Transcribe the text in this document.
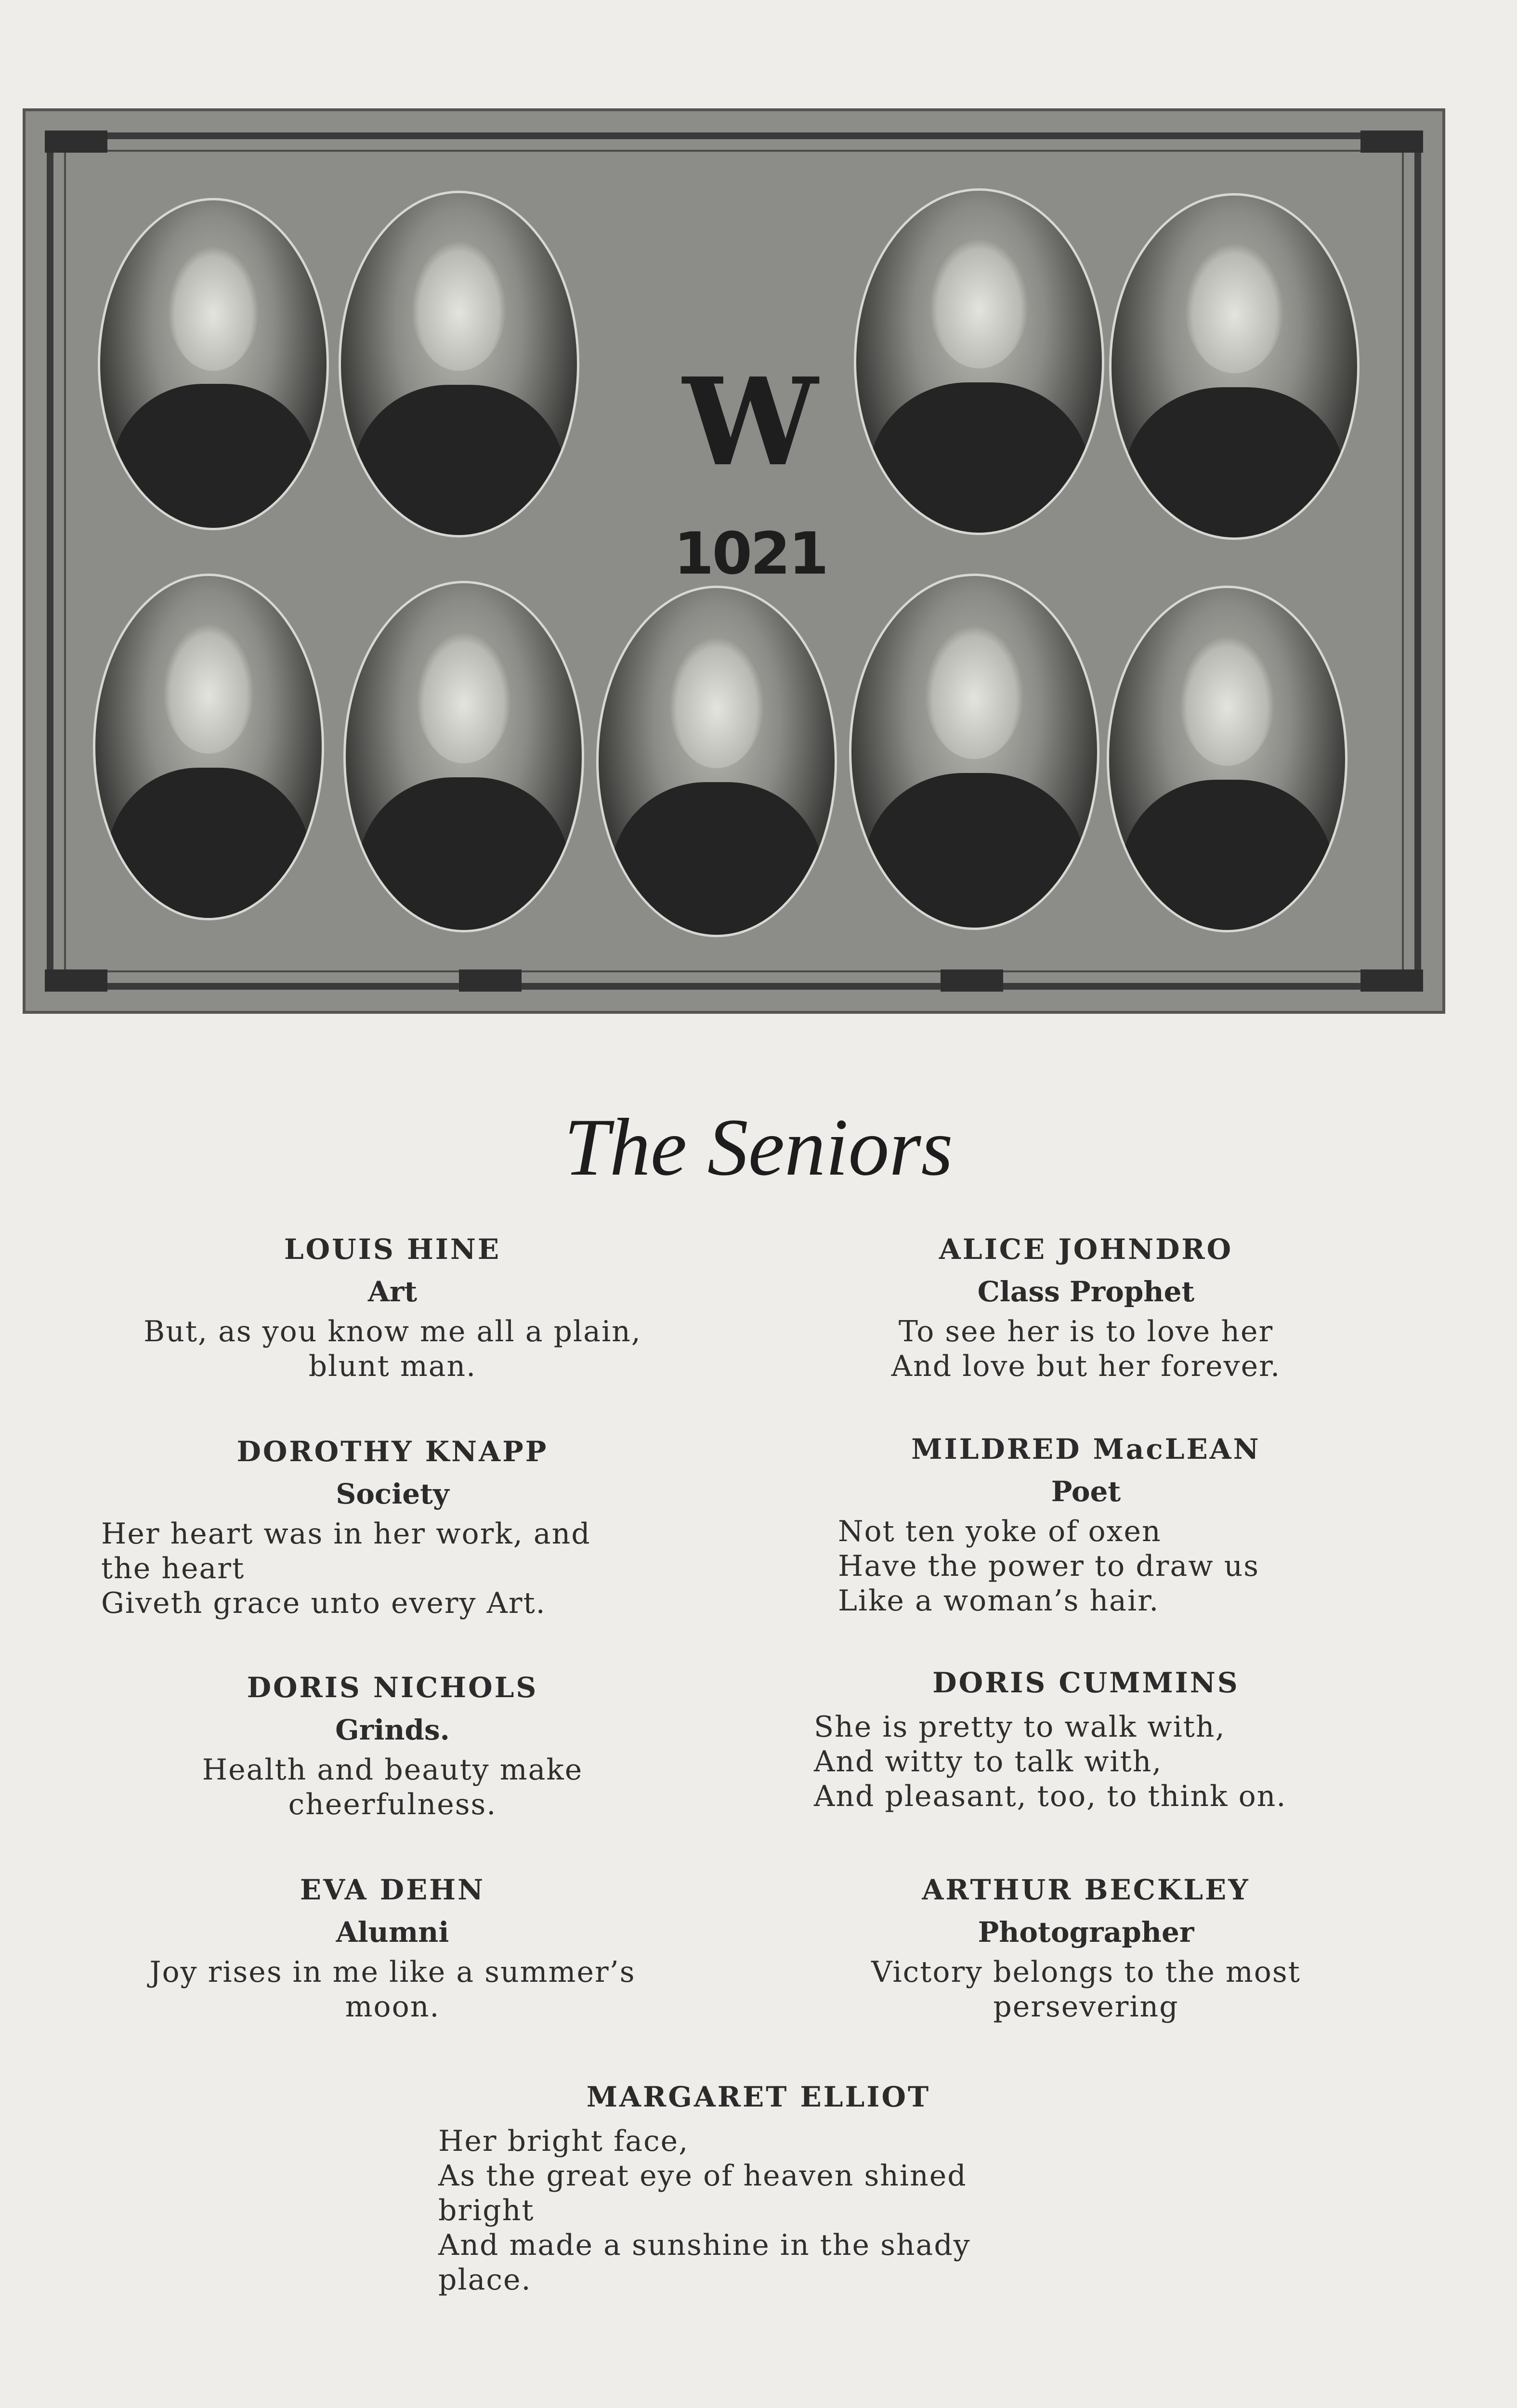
W
1021
The Seniors
LOUIS HINE
Art
But, as you know me all a plain,
blunt man.
ALICE JOHNDRO
Class Prophet
To see her is to love her
And love but her forever.
DOROTHY KNAPP
Society
Her heart was in her work, and
the heart
Giveth grace unto every Art.
MILDRED MacLEAN
Poet
Not ten yoke of oxen
Have the power to draw us
Like a woman’s hair.
DORIS NICHOLS
Grinds.
Health and beauty make
cheerfulness.
DORIS CUMMINS
She is pretty to walk with,
And witty to talk with,
And pleasant, too, to think on.
EVA DEHN
Alumni
Joy rises in me like a summer’s
moon.
ARTHUR BECKLEY
Photographer
Victory belongs to the most
persevering
MARGARET ELLIOT
Her bright face,
As the great eye of heaven shined
bright
And made a sunshine in the shady
place.
